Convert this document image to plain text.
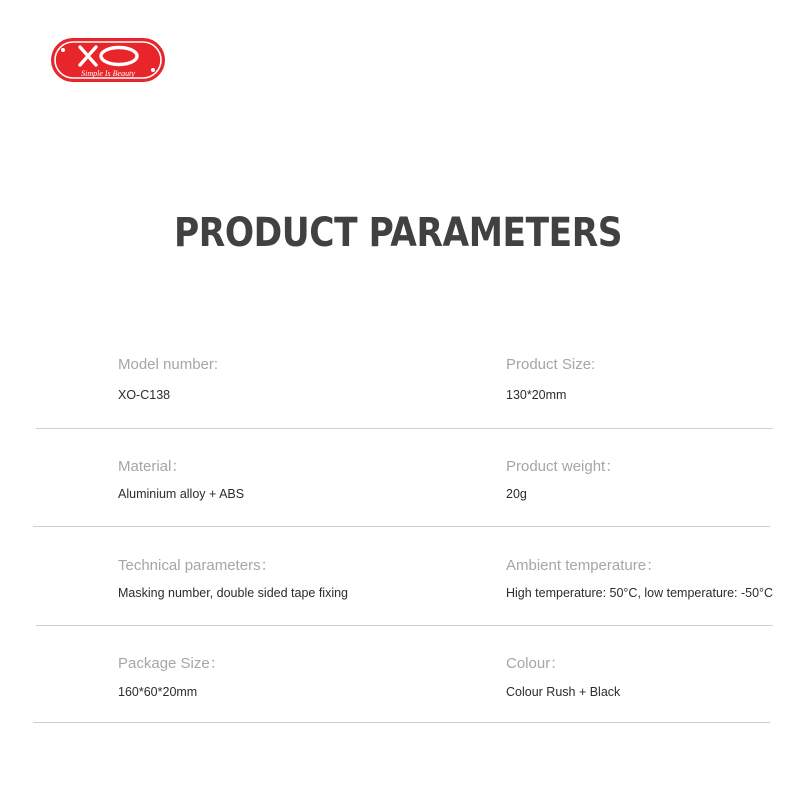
Simple Is Beauty
PRODUCT PARAMETERS
Model number:
XO-C138
Product Size:
130*20mm
Material：
Aluminium alloy + ABS
Product weight：
20g
Technical parameters：
Masking number, double sided tape fixing
Ambient temperature：
High temperature: 50°C, low temperature: -50°C
Package Size：
160*60*20mm
Colour：
Colour Rush + Black
